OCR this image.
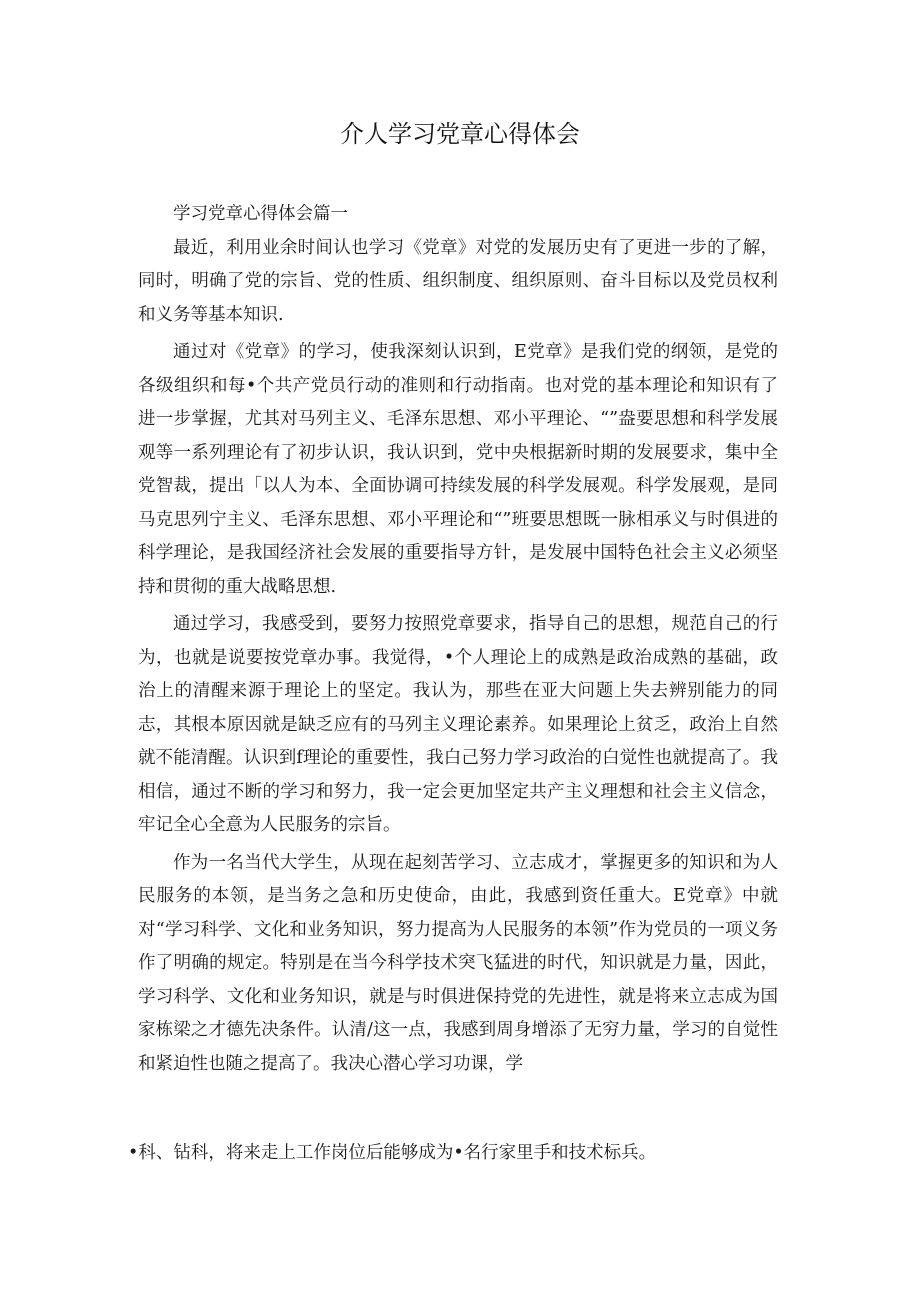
介人学习党章心得体会

学习党章心得体会篇一

最近，利用业余时间认也学习《党章》对党的发展历史有了更进一步的了解，同时，明确了党的宗旨、党的性质、组织制度、组织原则、奋斗目标以及党员权利和义务等基本知识.

通过对《党章》的学习，使我深刻认识到，E党章》是我们党的纲领，是党的各级组织和每•个共产党员行动的准则和行动指南。也对党的基本理论和知识有了进一步掌握，尤其对马列主义、毛泽东思想、邓小平理论、“”盎要思想和科学发展观等一系列理论有了初步认识，我认识到，党中央根据新时期的发展要求，集中全党智裁，提出「以人为本、全面协调可持续发展的科学发展观。科学发展观，是同马克思列宁主义、毛泽东思想、邓小平理论和“”班要思想既一脉相承义与时俱进的科学理论，是我国经济社会发展的重要指导方针，是发展中国特色社会主义必须坚持和贯彻的重大战略思想.

通过学习，我感受到，要努力按照党章要求，指导自己的思想，规范自己的行为，也就是说要按党章办事。我觉得，•个人理论上的成熟是政治成熟的基础，政治上的清醒来源于理论上的坚定。我认为，那些在亚大问题上失去辨别能力的同志，其根本原因就是缺乏应有的马列主义理论素养。如果理论上贫乏，政治上自然就不能清醒。认识到f理论的重要性，我白己努力学习政治的白觉性也就提高了。我相信，通过不断的学习和努力，我一定会更加坚定共产主义理想和社会主义信念，牢记全心全意为人民服务的宗旨。

作为一名当代大学生，从现在起刻苦学习、立志成才，掌握更多的知识和为人民服务的本领，是当务之急和历史使命，由此，我感到资任重大。E党章》中就对“学习科学、文化和业务知识，努力提高为人民服务的本领”作为党员的一项义务作了明确的规定。特别是在当今科学技术突飞猛进的时代，知识就是力量，因此，学习科学、文化和业务知识，就是与时俱进保持党的先进性，就是将来立志成为国家栋梁之才德先决条件。认清/这一点，我感到周身增添了无穷力量，学习的自觉性和紧迫性也随之提高了。我决心潜心学习功课，学

•科、钻科，将来走上工作岗位后能够成为•名行家里手和技术标兵。
